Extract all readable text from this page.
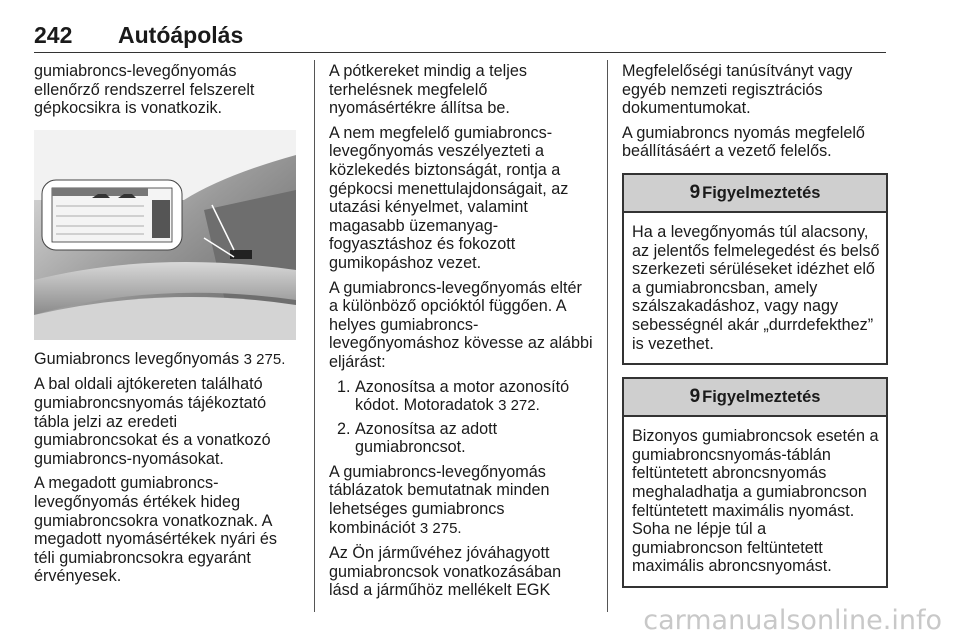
242 Autóápolás

gumiabroncs-levegőnyomás ellenőrző rendszerrel felszerelt gépkocsikra is vonatkozik.

Gumiabroncs levegőnyomás 3 275.

A bal oldali ajtókereten található gumiabroncsnyomás tájékoztató tábla jelzi az eredeti gumiabroncsokat és a vonatkozó gumiabroncs-nyomásokat.

A megadott gumiabroncs-levegőnyomás értékek hideg gumiabroncsokra vonatkoznak. A megadott nyomásértékek nyári és téli gumiabroncsokra egyaránt érvényesek.

A pótkereket mindig a teljes terhelésnek megfelelő nyomásértékre állítsa be.

A nem megfelelő gumiabroncs-levegőnyomás veszélyezteti a közlekedés biztonságát, rontja a gépkocsi menettulajdonságait, az utazási kényelmet, valamint magasabb üzemanyag-fogyasztáshoz és fokozott gumikopáshoz vezet.

A gumiabroncs-levegőnyomás eltér a különböző opcióktól függően. A helyes gumiabroncs-levegőnyomáshoz kövesse az alábbi eljárást:

1. Azonosítsa a motor azonosító kódot. Motoradatok 3 272.
2. Azonosítsa az adott gumiabroncsot.

A gumiabroncs-levegőnyomás táblázatok bemutatnak minden lehetséges gumiabroncs kombinációt 3 275.

Az Ön járművéhez jóváhagyott gumiabroncsok vonatkozásában lásd a járműhöz mellékelt EGK

Megfelelőségi tanúsítványt vagy egyéb nemzeti regisztrációs dokumentumokat.

A gumiabroncs nyomás megfelelő beállításáért a vezető felelős.

9 Figyelmeztetés
Ha a levegőnyomás túl alacsony, az jelentős felmelegedést és belső szerkezeti sérüléseket idézhet elő a gumiabroncsban, amely szálszakadáshoz, vagy nagy sebességnél akár „durrdefekthez” is vezethet.
9 Figyelmeztetés
Bizonyos gumiabroncsok esetén a gumiabroncsnyomás-táblán feltüntetett abroncsnyomás meghaladhatja a gumiabroncson feltüntetett maximális nyomást. Soha ne lépje túl a gumiabroncson feltüntetett maximális abroncsnyomást.
carmanualsonline.info
